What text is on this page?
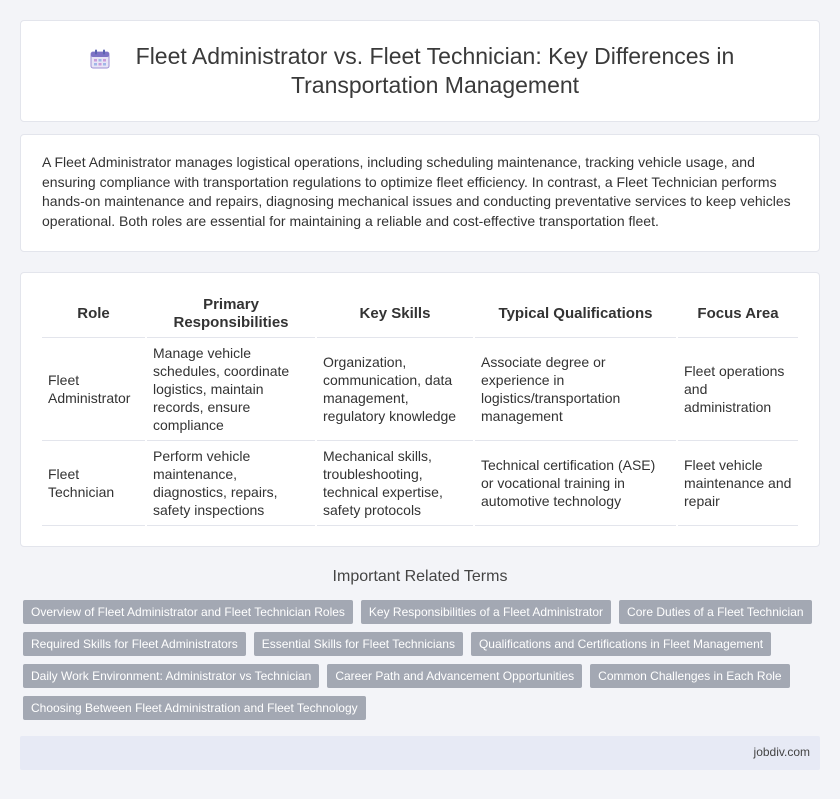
Fleet Administrator vs. Fleet Technician: Key Differences in Transportation Management

A Fleet Administrator manages logistical operations, including scheduling maintenance, tracking vehicle usage, and ensuring compliance with transportation regulations to optimize fleet efficiency. In contrast, a Fleet Technician performs hands-on maintenance and repairs, diagnosing mechanical issues and conducting preventative services to keep vehicles operational. Both roles are essential for maintaining a reliable and cost-effective transportation fleet.

Role	Primary Responsibilities	Key Skills	Typical Qualifications	Focus Area
Fleet Administrator	Manage vehicle schedules, coordinate logistics, maintain records, ensure compliance	Organization, communication, data management, regulatory knowledge	Associate degree or experience in logistics/transportation management	Fleet operations and administration
Fleet Technician	Perform vehicle maintenance, diagnostics, repairs, safety inspections	Mechanical skills, troubleshooting, technical expertise, safety protocols	Technical certification (ASE) or vocational training in automotive technology	Fleet vehicle maintenance and repair
Important Related Terms
Overview of Fleet Administrator and Fleet Technician Roles	Key Responsibilities of a Fleet Administrator	Core Duties of a Fleet Technician
Required Skills for Fleet Administrators	Essential Skills for Fleet Technicians	Qualifications and Certifications in Fleet Management
Daily Work Environment: Administrator vs Technician	Career Path and Advancement Opportunities	Common Challenges in Each Role
Choosing Between Fleet Administration and Fleet Technology
jobdiv.com
